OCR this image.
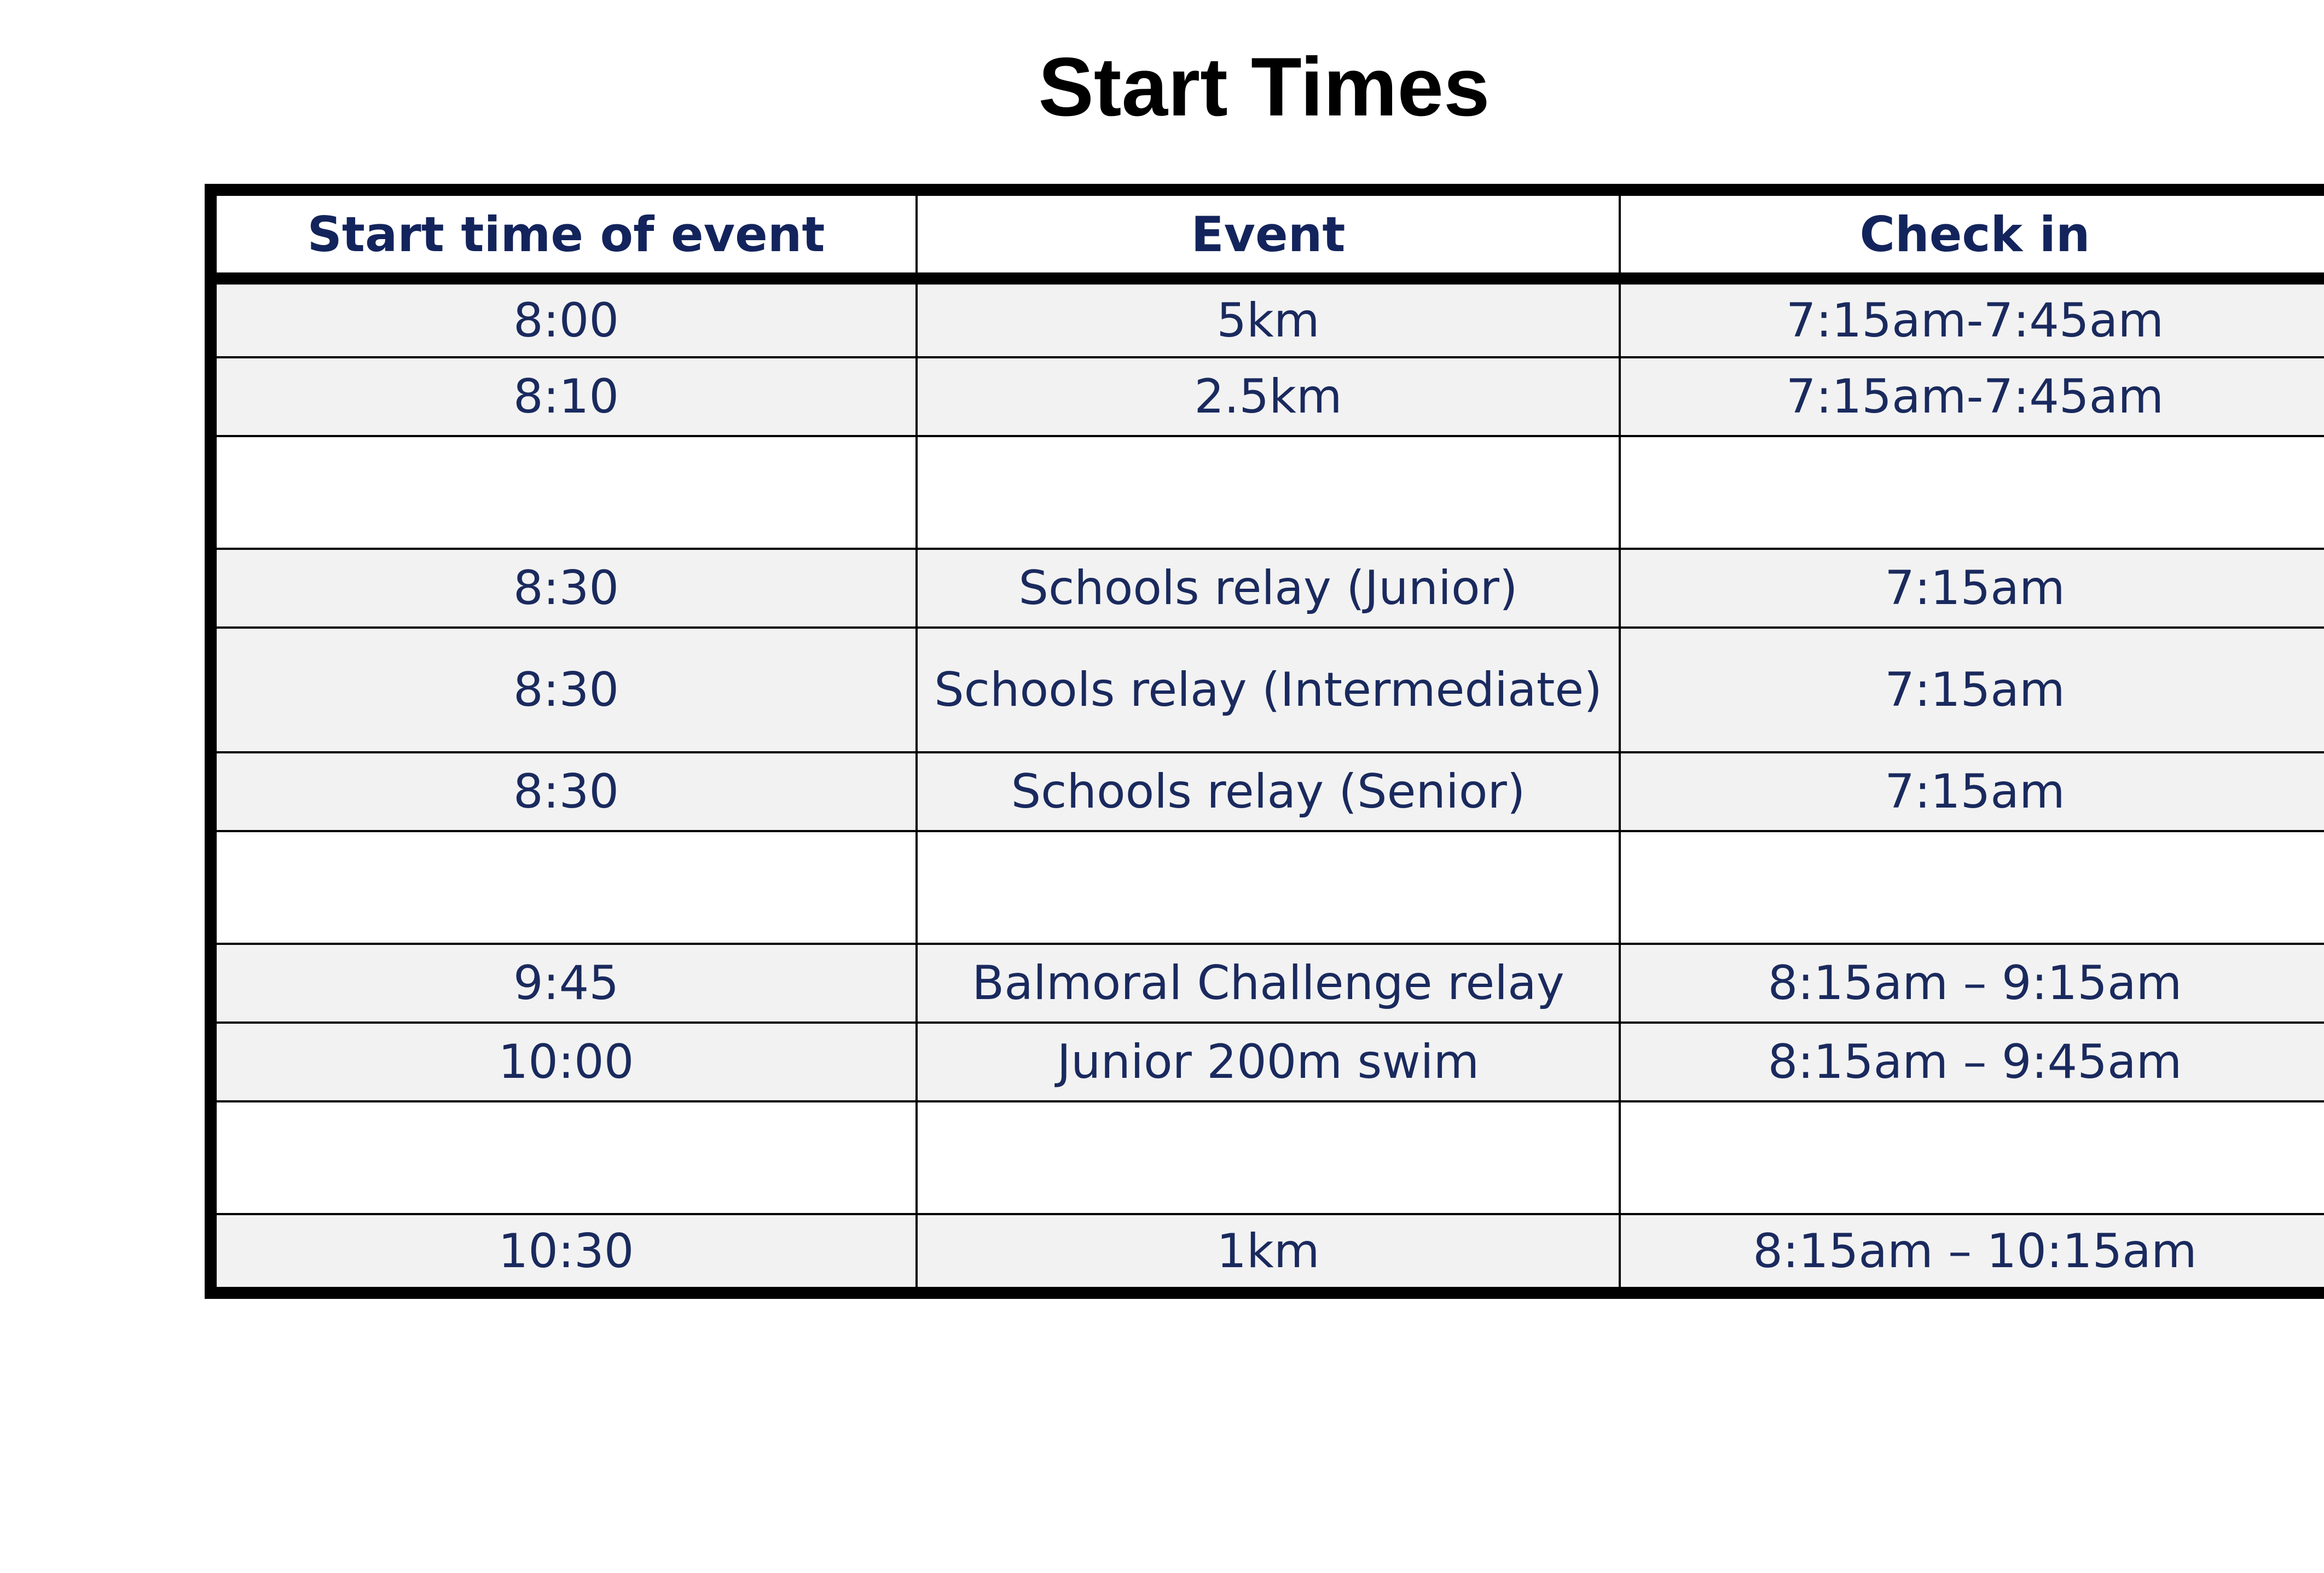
Start Times
Start time of event	Event	Check in
8:00	5km	7:15am-7:45am
8:10	2.5km	7:15am-7:45am

8:30	Schools relay (Junior)	7:15am
8:30	Schools relay (Intermediate)	7:15am
8:30	Schools relay (Senior)	7:15am

9:45	Balmoral Challenge relay	8:15am – 9:15am
10:00	Junior 200m swim	8:15am – 9:45am

10:30	1km	8:15am – 10:15am
